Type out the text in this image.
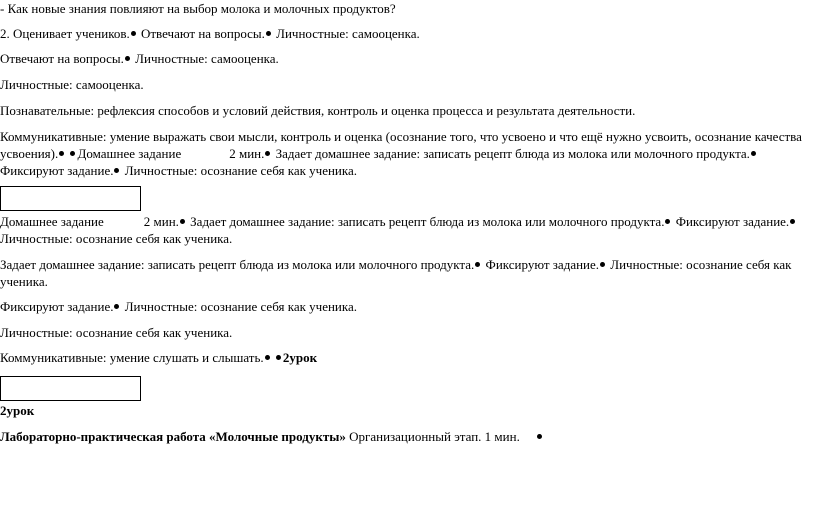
- Как новые знания повлияют на выбор молока и молочных продуктов?
2. Оценивает учеников. Отвечают на вопросы. Личностные: самооценка.
Отвечают на вопросы. Личностные: самооценка.
Личностные: самооценка.
Познавательные: рефлексия способов и условий действия, контроль и оценка процесса и результата деятельности.
Коммуникативные: умение выражать свои мысли, контроль и оценка (осознание того, что усвоено и что ещё нужно усвоить, осознание качества усвоения). Домашнее задание	2 мин. Задает домашнее задание: записать рецепт блюда из молока или молочного продукта. Фиксируют задание. Личностные: осознание себя как ученика.
Домашнее задание	2 мин. Задает домашнее задание: записать рецепт блюда из молока или молочного продукта. Фиксируют задание. Личностные: осознание себя как ученика.
Задает домашнее задание: записать рецепт блюда из молока или молочного продукта. Фиксируют задание. Личностные: осознание себя как ученика.
Фиксируют задание. Личностные: осознание себя как ученика.
Личностные: осознание себя как ученика.
Коммуникативные: умение слушать и слышать. 2урок
2урок
Лабораторно-практическая работа «Молочные продукты» Организационный этап. 1 мин.
